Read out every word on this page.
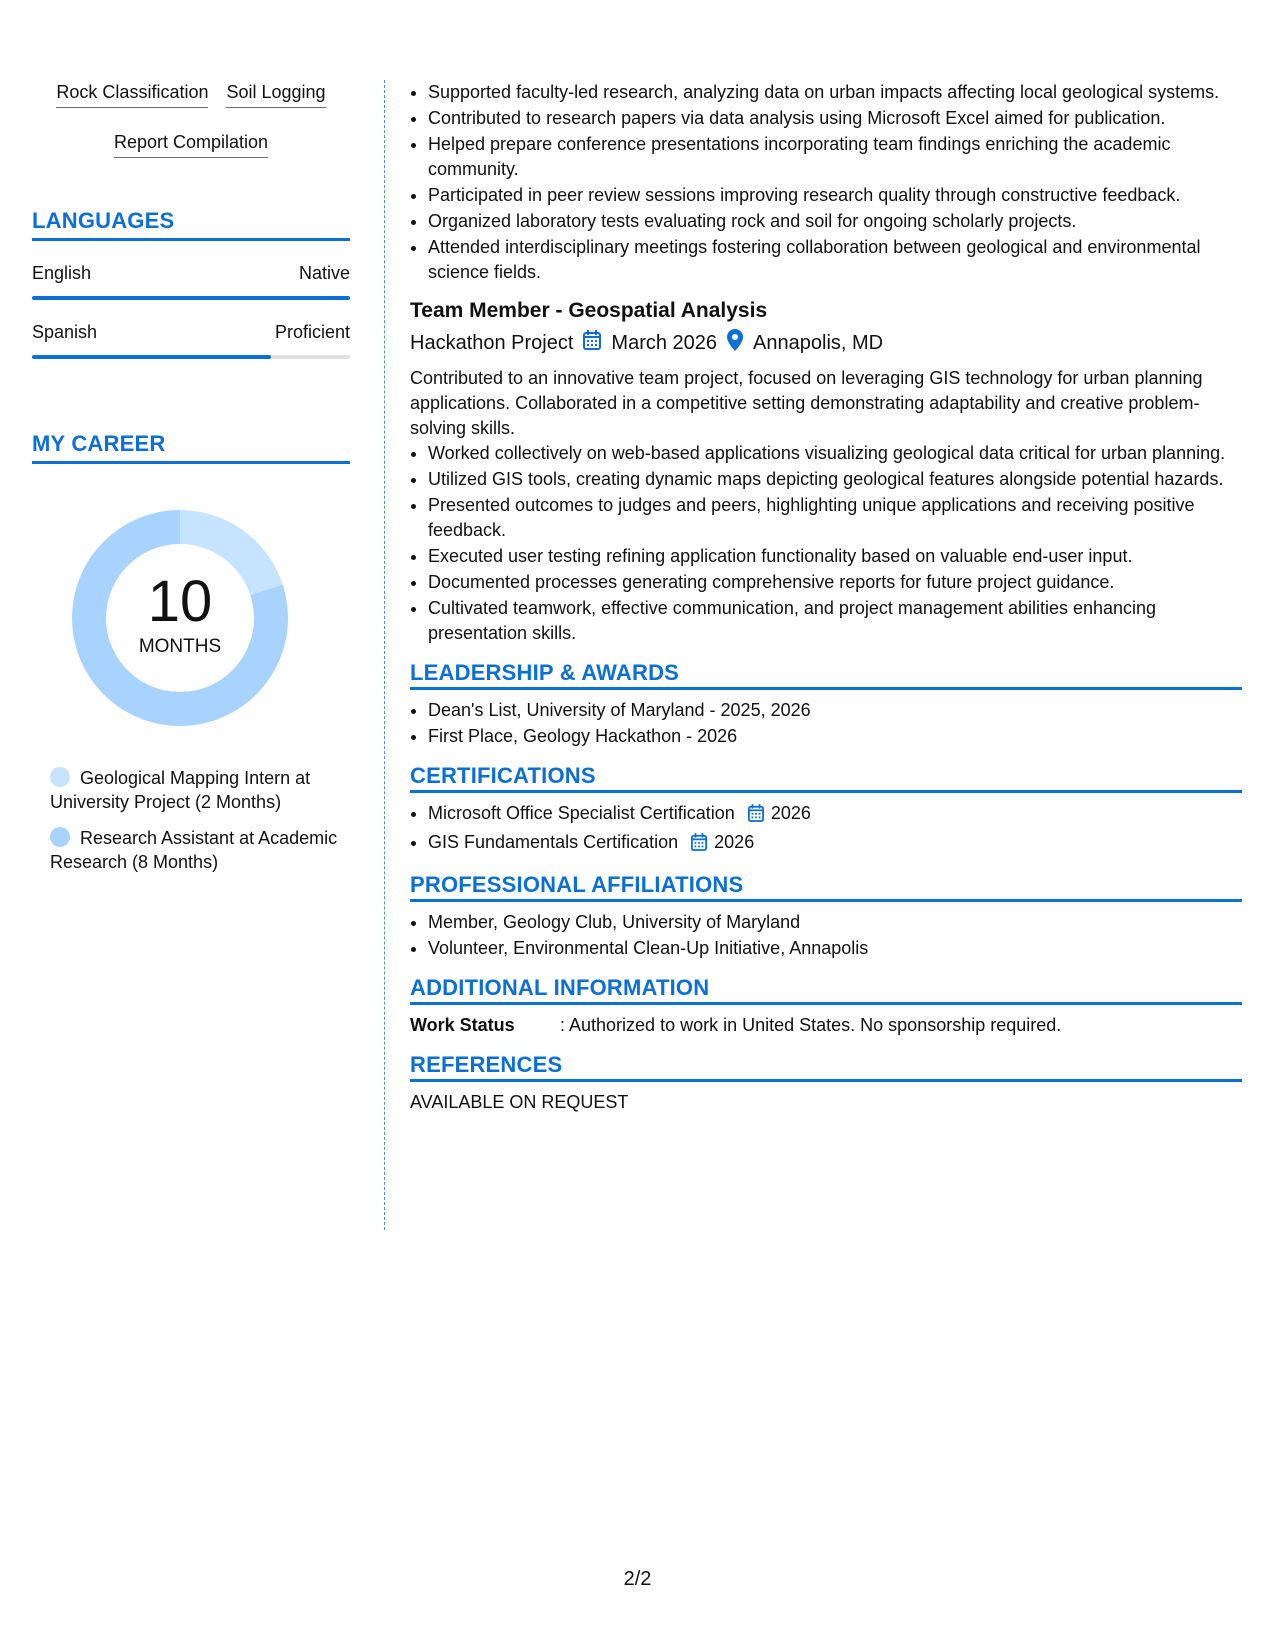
Rock Classification Soil Logging
Report Compilation
LANGUAGES
English	Native
Spanish	Proficient
MY CAREER
10
MONTHS
Geological Mapping Intern at University Project (2 Months)
Research Assistant at Academic Research (8 Months)
• Supported faculty-led research, analyzing data on urban impacts affecting local geological systems.
• Contributed to research papers via data analysis using Microsoft Excel aimed for publication.
• Helped prepare conference presentations incorporating team findings enriching the academic community.
• Participated in peer review sessions improving research quality through constructive feedback.
• Organized laboratory tests evaluating rock and soil for ongoing scholarly projects.
• Attended interdisciplinary meetings fostering collaboration between geological and environmental science fields.
Team Member - Geospatial Analysis
Hackathon Project March 2026 Annapolis, MD
Contributed to an innovative team project, focused on leveraging GIS technology for urban planning applications. Collaborated in a competitive setting demonstrating adaptability and creative problem-solving skills.
• Worked collectively on web-based applications visualizing geological data critical for urban planning.
• Utilized GIS tools, creating dynamic maps depicting geological features alongside potential hazards.
• Presented outcomes to judges and peers, highlighting unique applications and receiving positive feedback.
• Executed user testing refining application functionality based on valuable end-user input.
• Documented processes generating comprehensive reports for future project guidance.
• Cultivated teamwork, effective communication, and project management abilities enhancing presentation skills.
LEADERSHIP & AWARDS
• Dean's List, University of Maryland - 2025, 2026
• First Place, Geology Hackathon - 2026
CERTIFICATIONS
• Microsoft Office Specialist Certification 2026
• GIS Fundamentals Certification 2026
PROFESSIONAL AFFILIATIONS
• Member, Geology Club, University of Maryland
• Volunteer, Environmental Clean-Up Initiative, Annapolis
ADDITIONAL INFORMATION
Work Status	: Authorized to work in United States. No sponsorship required.
REFERENCES
AVAILABLE ON REQUEST
2/2
